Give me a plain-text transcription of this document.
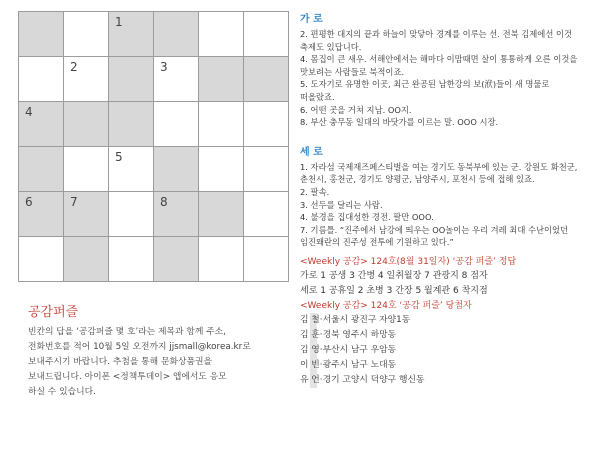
1
2	3
4
5
6	7	8
공감퍼즐
빈칸의 답을 ‘공감퍼즐 몇 호’라는 제목과 함께 주소,
전화번호를 적어 10월 5일 오전까지 jjsmall@korea.kr로
보내주시기 바랍니다. 추첨을 통해 문화상품권을
보내드립니다. 아이폰 <정책투데이> 앱에서도 응모
하실 수 있습니다.
가 로
2. 편평한 대지의 끝과 하늘이 맞닿아 경계를 이루는 선. 전북 김제에선 이것
축제도 있답니다.
4. 몸집이 큰 새우. 서해안에서는 해마다 이맘때면 살이 통통하게 오른 이것을
맛보려는 사람들로 북적이죠.
5. 도자기로 유명한 이곳, 최근 완공된 남한강의 보(洑)들이 새 명물로
떠올랐죠.
6. 어떤 곳을 거쳐 지남. OO지.
8. 부산 충무동 일대의 바닷가를 이르는 말. OOO 시장.
세 로
1. 자라섬 국제재즈페스티벌을 여는 경기도 동북부에 있는 군. 강원도 화천군,
춘천시, 홍천군, 경기도 양평군, 남양주시, 포천시 등에 접해 있죠.
2. 팔속.
3. 선두를 달리는 사람.
4. 불경을 집대성한 경전. 팔만 OOO.
7. 기름틀. “진주에서 남강에 띄우는 OO놀이는 우리 겨레 최대 수난이었던
임진왜란의 진주성 전투에 기원하고 있다.”
<Weekly 공감> 124호(8월 31일자) ‘공감 퍼즐’ 정답
가로 1 공생 3 간병 4 일취월장 7 관광지 8 점자
세로 1 공휴일 2 초병 3 간장 5 월계관 6 착지점
<Weekly 공감> 124호 ‘공감 퍼즐’ 당첨자
김 철·서울시 광진구 자양1동
김 훈·경북 영주시 하망동
김 영·부산시 남구 우암동
이 빈·광주시 남구 노대동
유 언·경기 고양시 덕양구 행신동
